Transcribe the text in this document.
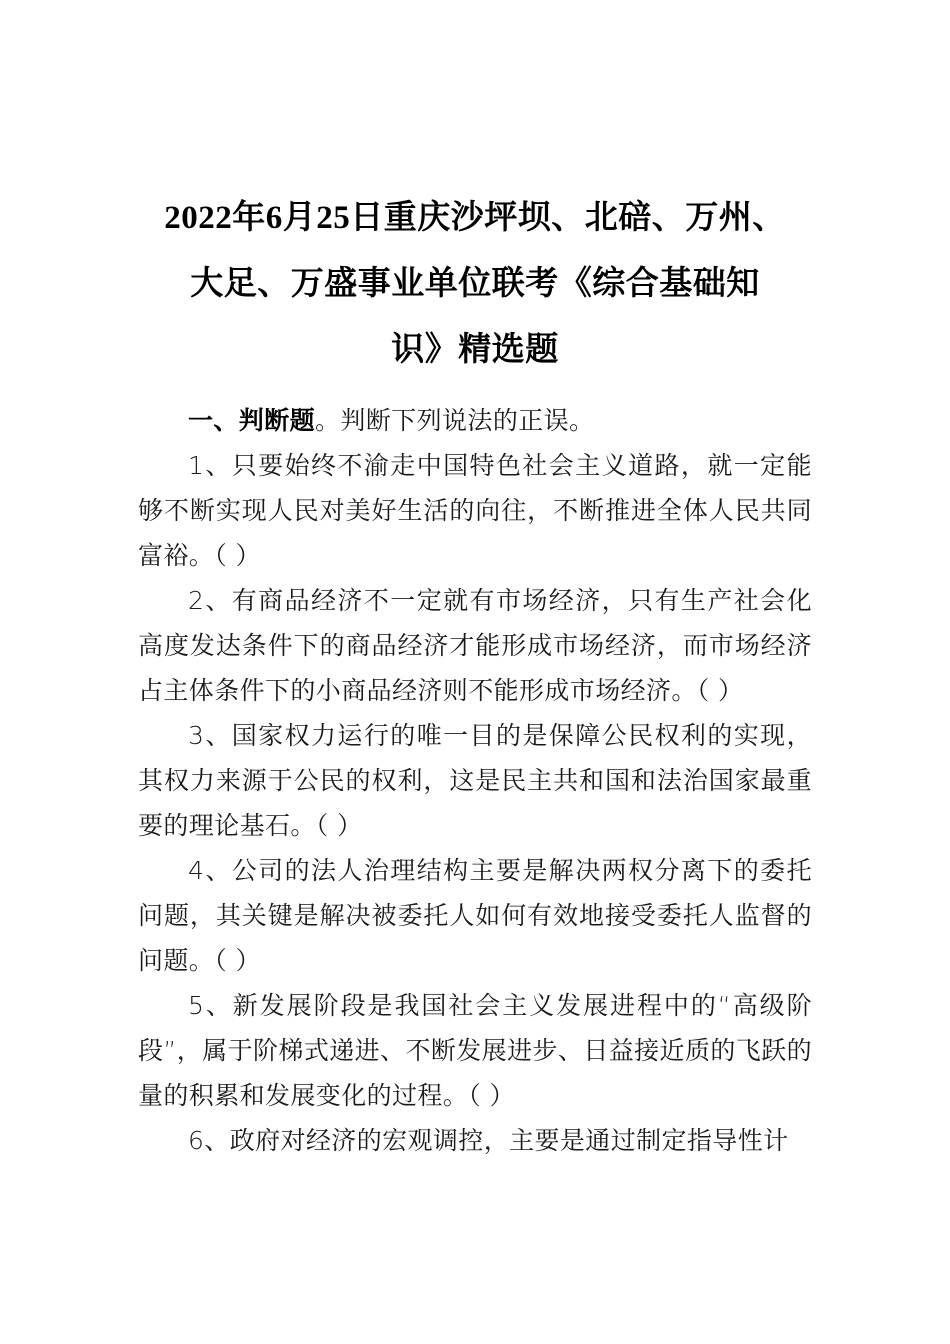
2022年6月25日重庆沙坪坝、北碚、万州、
大足、万盛事业单位联考《综合基础知
识》精选题

一、判断题。判断下列说法的正误。

1、只要始终不渝走中国特色社会主义道路，就一定能够不断实现人民对美好生活的向往，不断推进全体人民共同富裕。（ ）

2、有商品经济不一定就有市场经济，只有生产社会化高度发达条件下的商品经济才能形成市场经济，而市场经济占主体条件下的小商品经济则不能形成市场经济。（ ）

3、国家权力运行的唯一目的是保障公民权利的实现，其权力来源于公民的权利，这是民主共和国和法治国家最重要的理论基石。（ ）

4、公司的法人治理结构主要是解决两权分离下的委托问题，其关键是解决被委托人如何有效地接受委托人监督的问题。（ ）

5、新发展阶段是我国社会主义发展进程中的“高级阶段”，属于阶梯式递进、不断发展进步、日益接近质的飞跃的量的积累和发展变化的过程。（ ）

6、政府对经济的宏观调控，主要是通过制定指导性计
